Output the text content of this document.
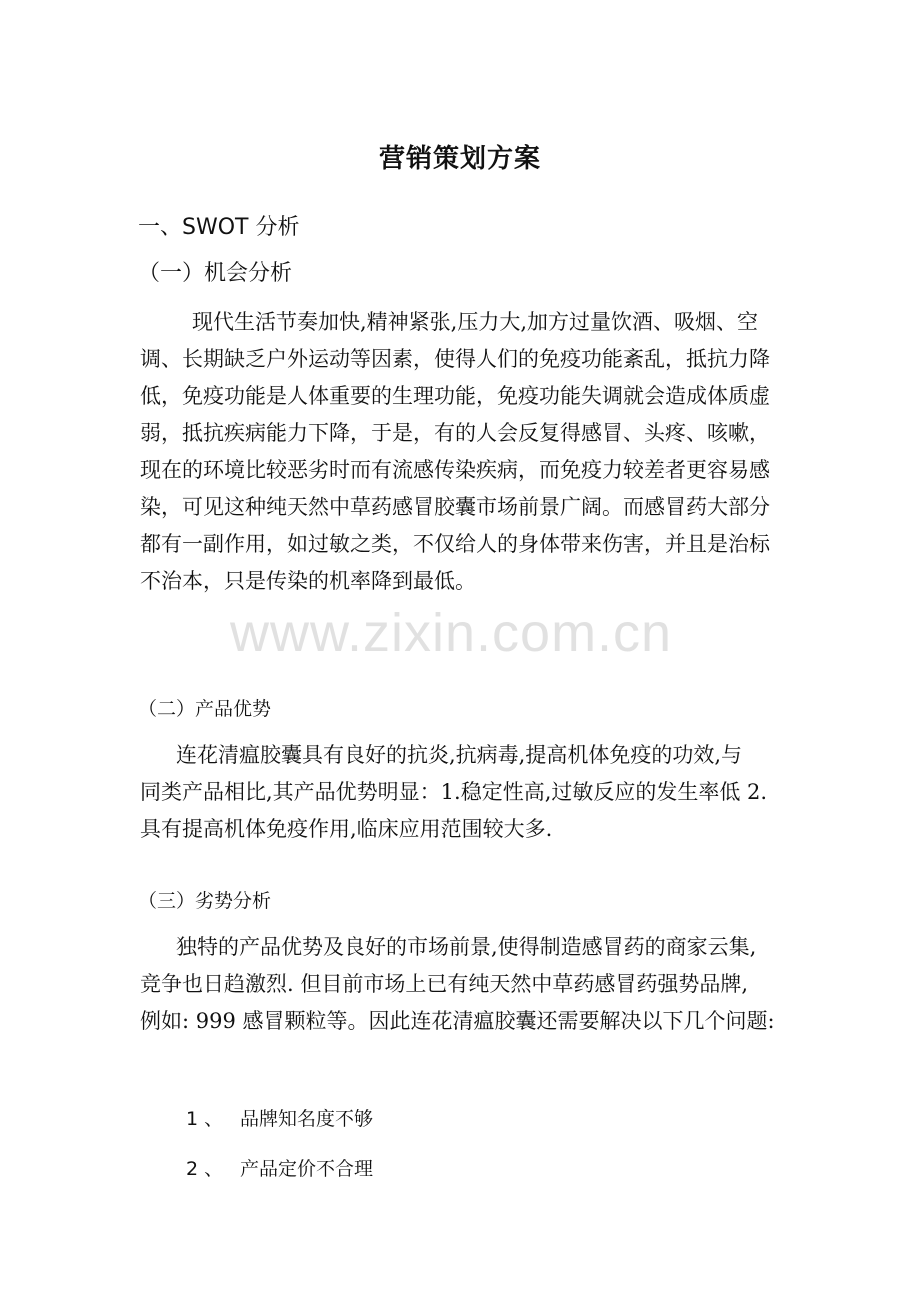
营销策划方案
一、SWOT 分析
（一）机会分析
现代生活节奏加快,精神紧张,压力大,加方过量饮酒、吸烟、空
调、长期缺乏户外运动等因素，使得人们的免疫功能紊乱，抵抗力降
低，免疫功能是人体重要的生理功能，免疫功能失调就会造成体质虚
弱，抵抗疾病能力下降，于是，有的人会反复得感冒、头疼、咳嗽，
现在的环境比较恶劣时而有流感传染疾病，而免疫力较差者更容易感
染，可见这种纯天然中草药感冒胶囊市场前景广阔。而感冒药大部分
都有一副作用，如过敏之类，不仅给人的身体带来伤害，并且是治标
不治本，只是传染的机率降到最低。
www.zixin.com.cn
（二）产品优势
连花清瘟胶囊具有良好的抗炎,抗病毒,提高机体免疫的功效,与
同类产品相比,其产品优势明显：1.稳定性高,过敏反应的发生率低 2.
具有提高机体免疫作用,临床应用范围较大多.
（三）劣势分析
独特的产品优势及良好的市场前景,使得制造感冒药的商家云集,
竞争也日趋激烈. 但目前市场上已有纯天然中草药感冒药强势品牌,
例如: 999 感冒颗粒等。因此连花清瘟胶囊还需要解决以下几个问题:
1 、 品牌知名度不够
2 、 产品定价不合理
